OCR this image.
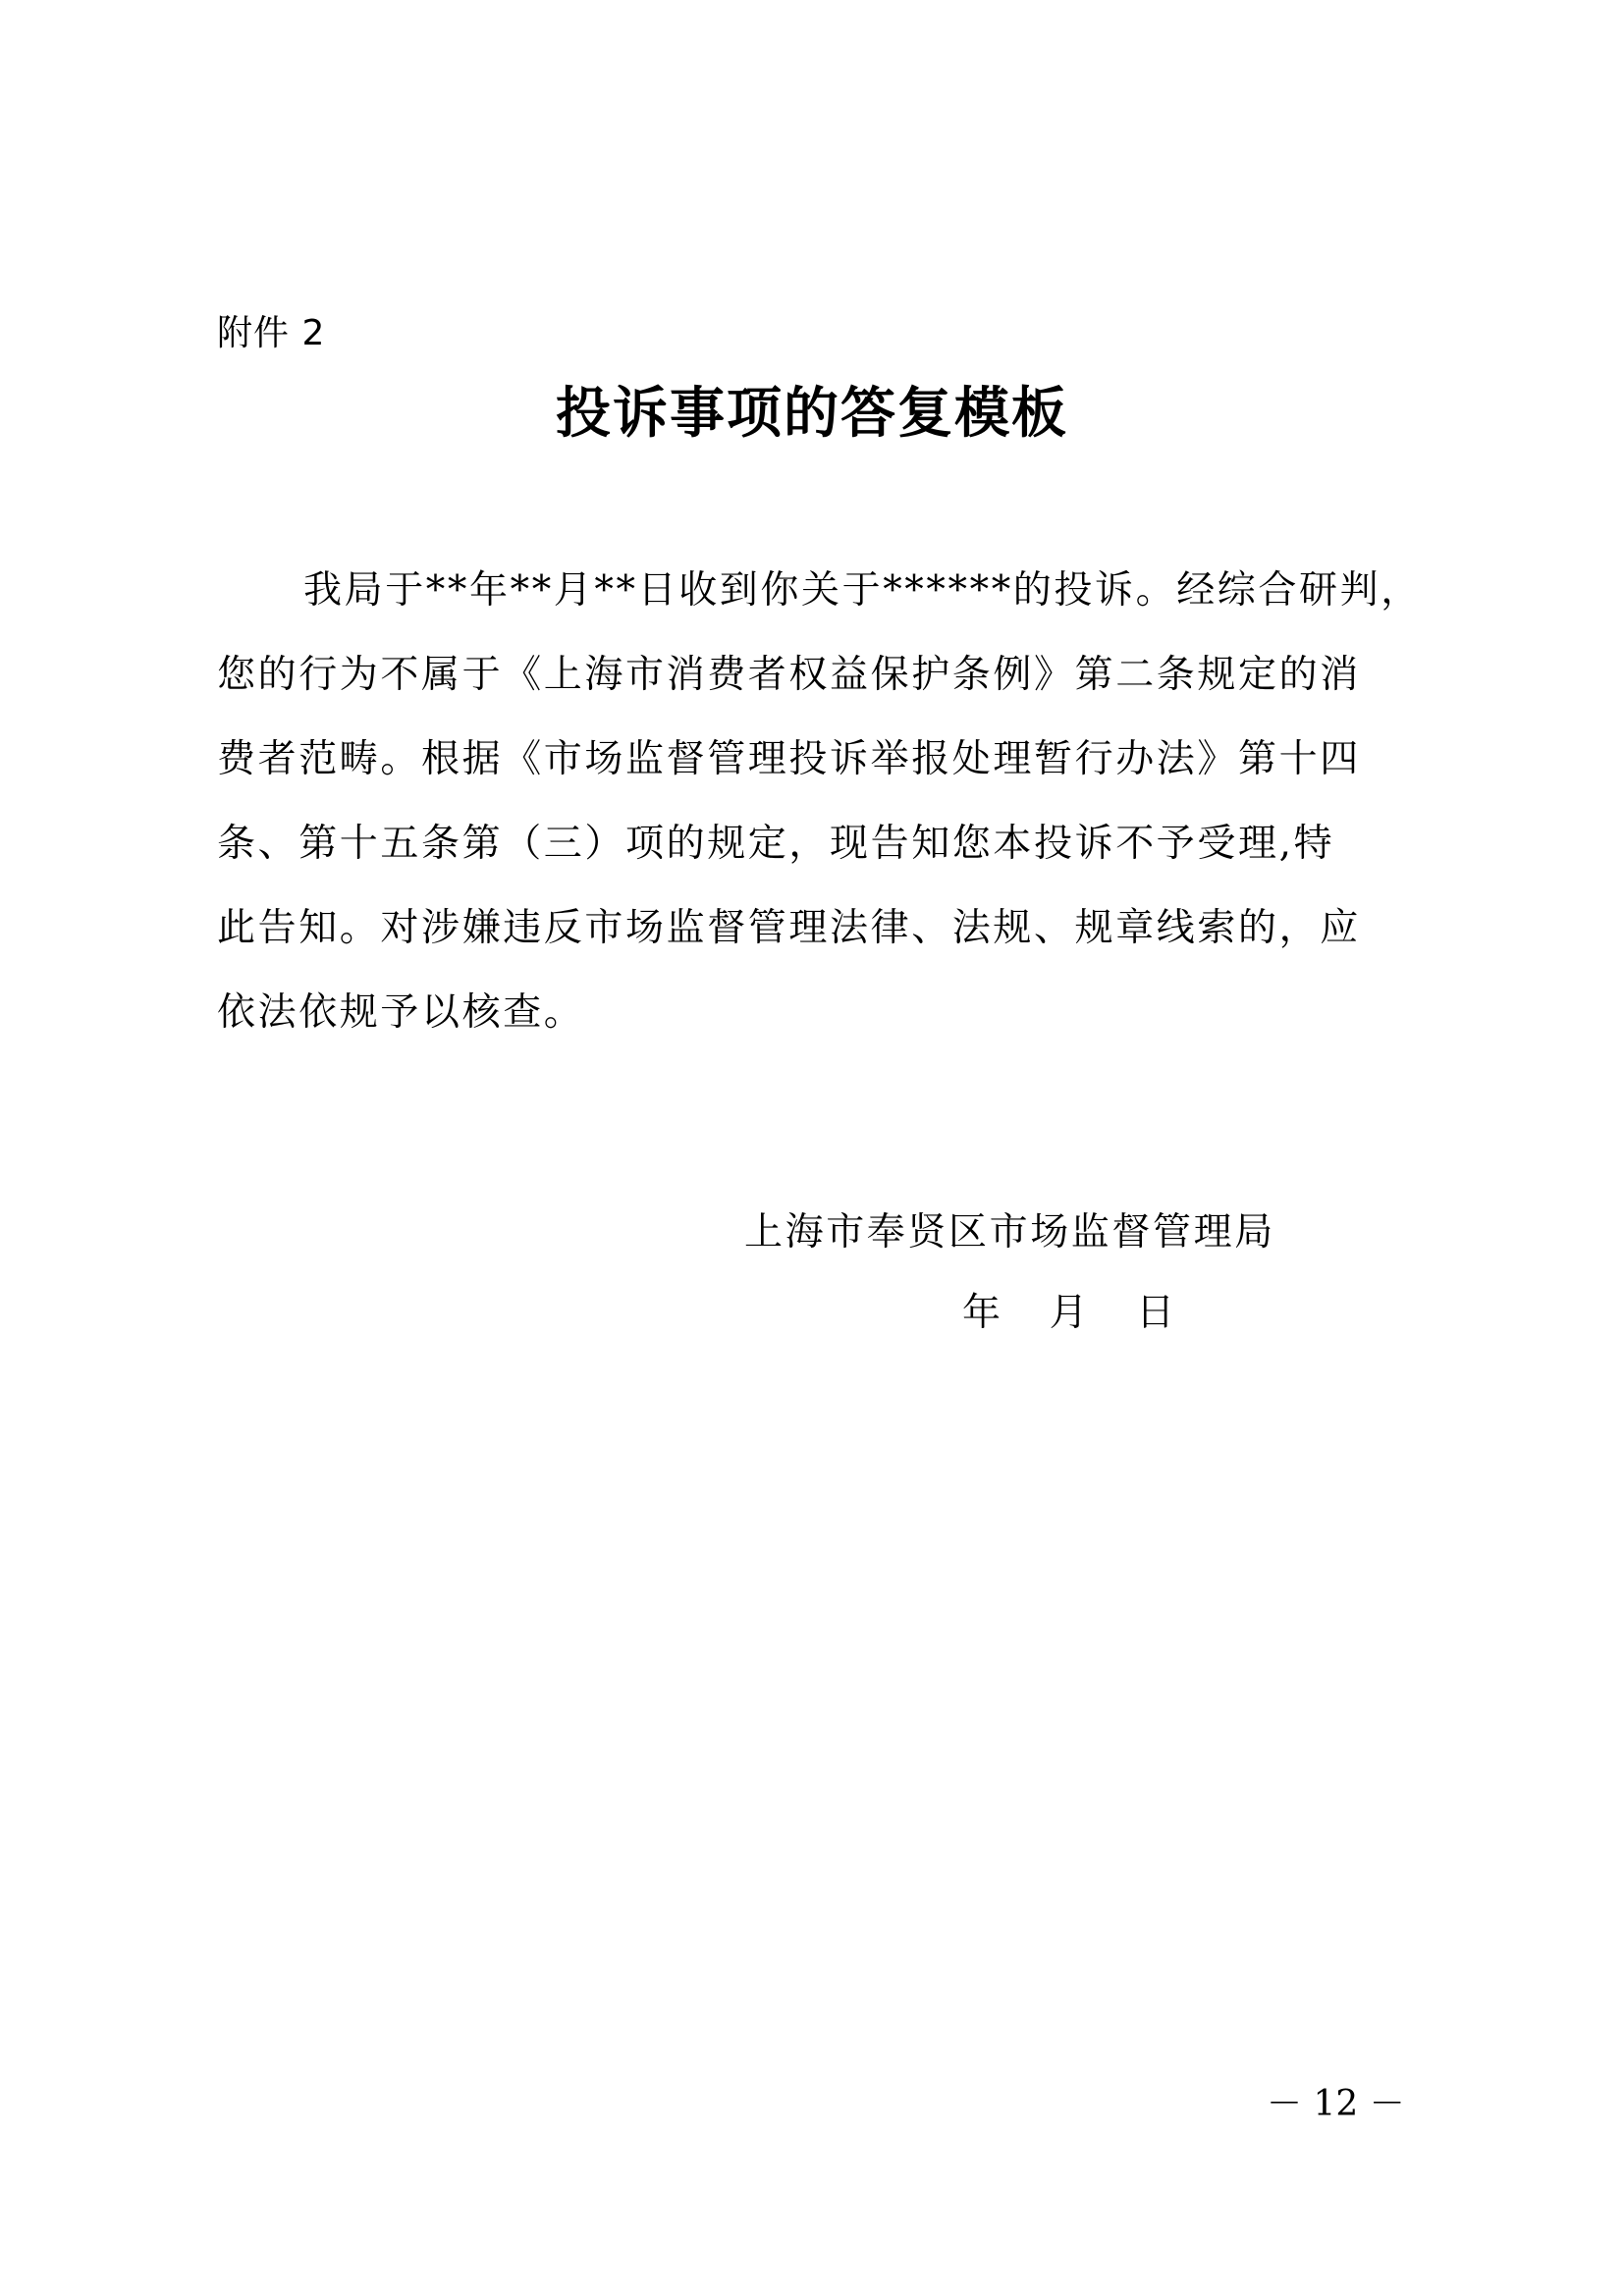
附件 2
投诉事项的答复模板
我局于**年**月**日收到你关于******的投诉。经综合研判，
您的行为不属于《上海市消费者权益保护条例》第二条规定的消
费者范畴。根据《市场监督管理投诉举报处理暂行办法》第十四
条、第十五条第（三）项的规定，现告知您本投诉不予受理,特
此告知。对涉嫌违反市场监督管理法律、法规、规章线索的，应
依法依规予以核查。
上海市奉贤区市场监督管理局
年    月    日
－ 12 －
